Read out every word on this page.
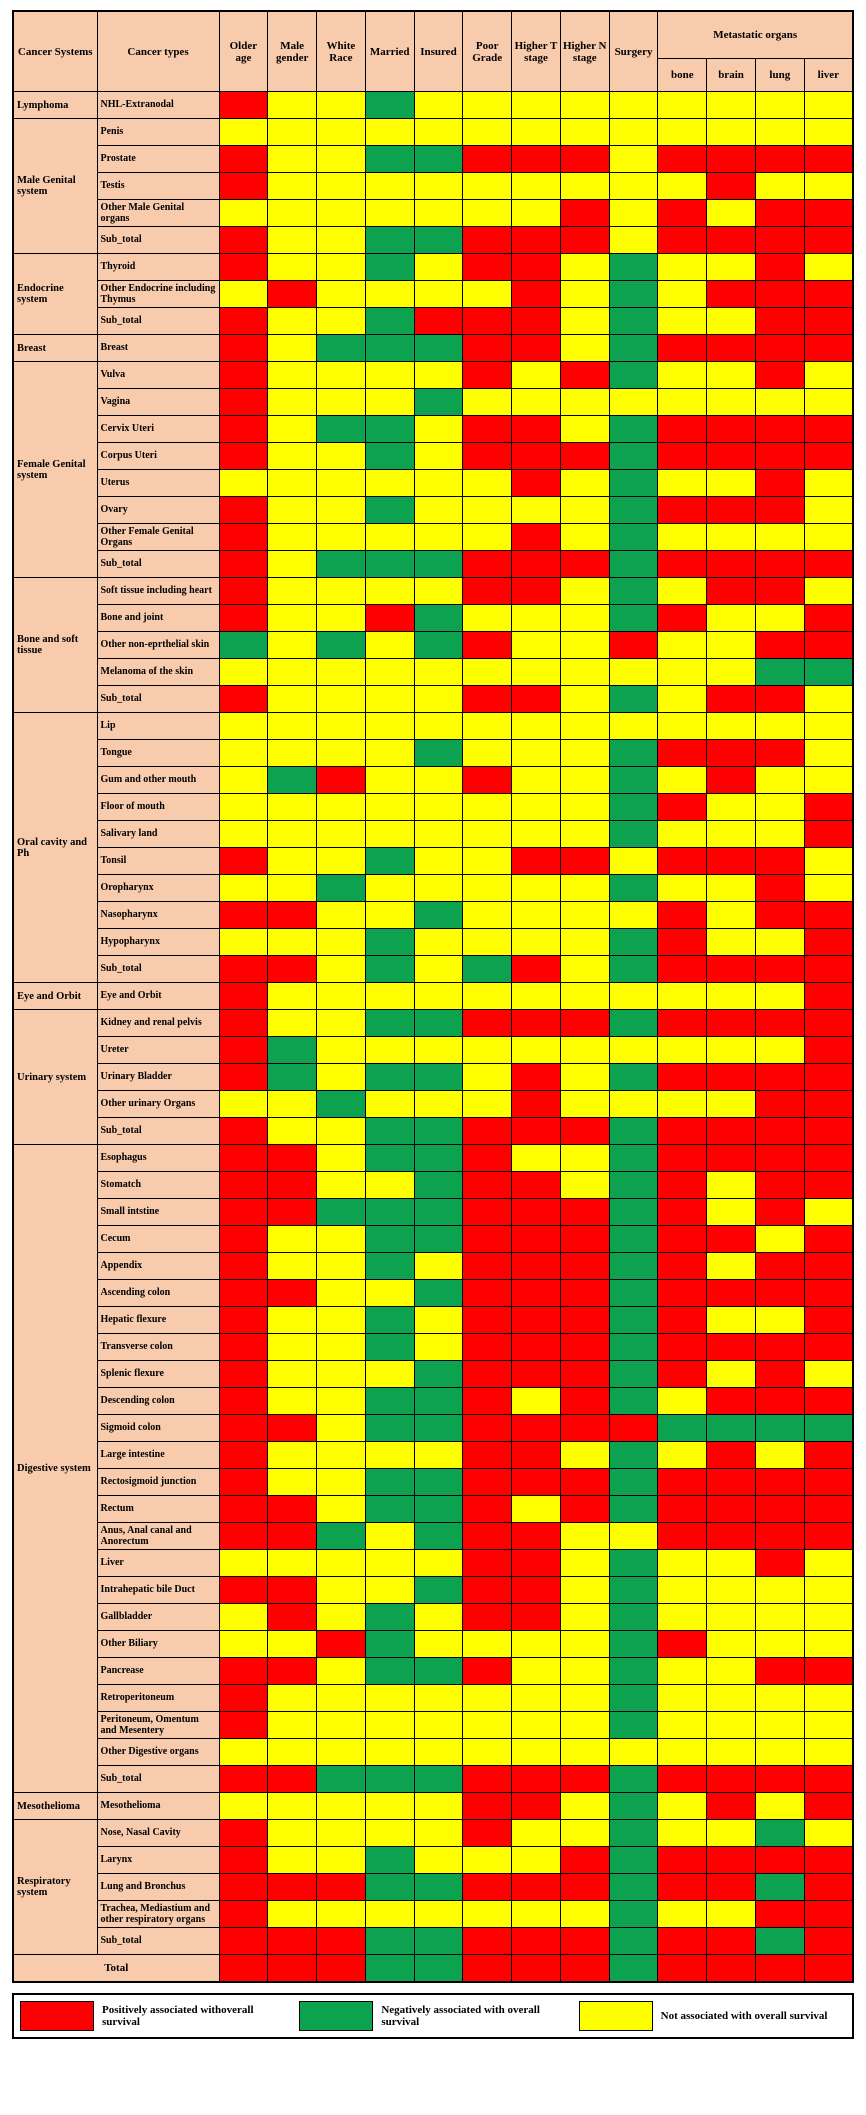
Cancer Systems	Cancer types	Older age	Male gender	White Race	Married	Insured	Poor Grade	Higher T stage	Higher N stage	Surgery	Metastatic organs			
											bone	brain	lung	liver
Lymphoma	NHL-Extranodal													
Male Genital system	Penis													
	Prostate													
	Testis													
	Other Male Genital organs													
	Sub_total													
Endocrine system	Thyroid													
	Other Endocrine including Thymus													
	Sub_total													
Breast	Breast													
Female Genital system	Vulva													
	Vagina													
	Cervix Uteri													
	Corpus Uteri													
	Uterus													
	Ovary													
	Other Female Genital Organs													
	Sub_total													
Bone and soft tissue	Soft tissue including heart													
	Bone and joint													
	Other non-eprthelial skin													
	Melanoma of the skin													
	Sub_total													
Oral cavity and Ph	Lip													
	Tongue													
	Gum and other mouth													
	Floor of mouth													
	Salivary land													
	Tonsil													
	Oropharynx													
	Nasopharynx													
	Hypopharynx													
	Sub_total													
Eye and Orbit	Eye and Orbit													
Urinary system	Kidney and renal pelvis													
	Ureter													
	Urinary Bladder													
	Other urinary Organs													
	Sub_total													
Digestive system	Esophagus													
	Stomatch													
	Small intstine													
	Cecum													
	Appendix													
	Ascending colon													
	Hepatic flexure													
	Transverse colon													
	Splenic flexure													
	Descending colon													
	Sigmoid colon													
	Large intestine													
	Rectosigmoid junction													
	Rectum													
	Anus, Anal canal and Anorectum													
	Liver													
	Intrahepatic bile Duct													
	Gallbladder													
	Other Biliary													
	Pancrease													
	Retroperitoneum													
	Peritoneum, Omentum and Mesentery													
	Other Digestive organs													
	Sub_total													
Mesothelioma	Mesothelioma													
Respiratory system	Nose, Nasal Cavity													
	Larynx													
	Lung and Bronchus													
	Trachea, Mediastium and other respiratory organs													
	Sub_total													
Total														
Positively associated withoverall survival
Negatively associated with overall survival	Not associated with overall survival
